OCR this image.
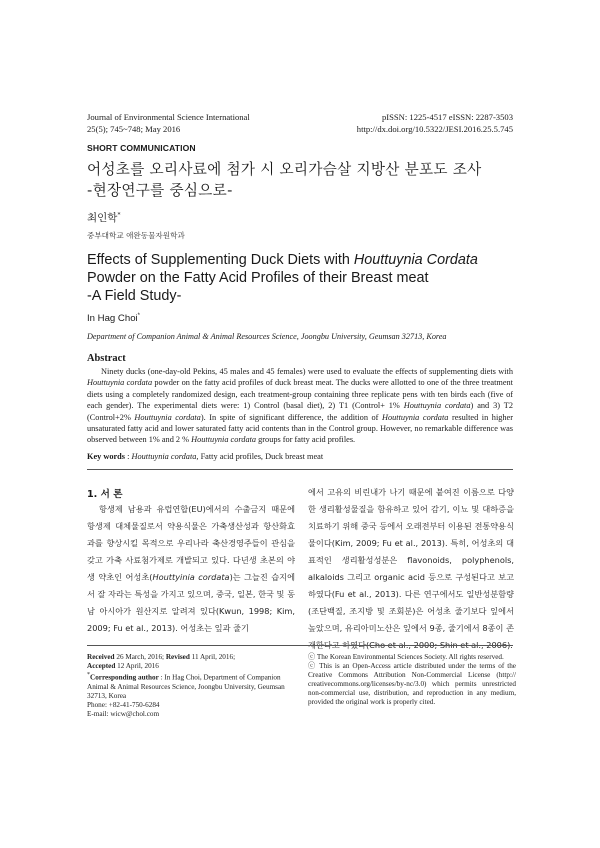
Journal of Environmental Science International
25(5); 745~748; May 2016
pISSN: 1225-4517 eISSN: 2287-3503
http://dx.doi.org/10.5322/JESI.2016.25.5.745
SHORT COMMUNICATION
어성초를 오리사료에 첨가 시 오리가슴살 지방산 분포도 조사
-현장연구를 중심으로-
최인학*
중부대학교 애완동물자원학과
Effects of Supplementing Duck Diets with Houttuynia Cordata
Powder on the Fatty Acid Profiles of their Breast meat
-A Field Study-
In Hag Choi*
Department of Companion Animal & Animal Resources Science, Joongbu University, Geumsan 32713, Korea
Abstract
Ninety ducks (one-day-old Pekins, 45 males and 45 females) were used to evaluate the effects of supplementing diets with Houttuynia cordata powder on the fatty acid profiles of duck breast meat. The ducks were allotted to one of the three treatment diets using a completely randomized design, each treatment-group containing three replicate pens with ten birds each (five of each gender). The experimental diets were: 1) Control (basal diet), 2) T1 (Control+ 1% Houttuynia cordata) and 3) T2 (Control+2% Houttuynia cordata). In spite of significant difference, the addition of Houttuynia cordata resulted in higher unsaturated fatty acid and lower saturated fatty acid contents than in the Control group. However, no remarkable difference was observed between 1% and 2 % Houttuynia cordata groups for fatty acid profiles.
Key words : Houttuynia cordata, Fatty acid profiles, Duck breast meat
1. 서 론
항생제 남용과 유럽연합(EU)에서의 수출금지 때문에 항생제 대체물질로서 약용식물은 가축생산성과 항산화효과를 향상시킬 목적으로 우리나라 축산경영주들이 관심을 갖고 가축 사료첨가제로 개발되고 있다. 다년생 초본의 야생 약초인 어성초(Houttyinia cordata)는 그늘진 습지에서 잘 자라는 특성을 가지고 있으며, 중국, 일본, 한국 및 동남 아시아가 원산지로 알려져 있다(Kwun, 1998; Kim, 2009; Fu et al., 2013). 어성초는 잎과 줄기
에서 고유의 비린내가 나기 때문에 붙여진 이름으로 다양한 생리활성물질을 함유하고 있어 감기, 이뇨 및 대하증을 치료하기 위해 중국 등에서 오래전부터 이용된 전통약용식물이다(Kim, 2009; Fu et al., 2013). 특히, 어성초의 대표적인 생리활성성분은 flavonoids, polyphenols, alkaloids 그리고 organic acid 등으로 구성된다고 보고하였다(Fu et al., 2013). 다른 연구에서도 일반성분함량(조단백질, 조지방 및 조회분)은 어성초 줄기보다 잎에서 높았으며, 유리아미노산은 잎에서 9종, 줄기에서 8종이 존재한다고 하였다(Cho et al., 2000; Shin et al., 2006).
Received 26 March, 2016; Revised 11 April, 2016;
Accepted 12 April, 2016
*Corresponding author : In Hag Choi, Department of Companion Animal & Animal Resources Science, Joongbu University, Geumsan 32713, Korea
Phone: +82-41-750-6284
E-mail: wicw@chol.com
ⓒ The Korean Environmental Sciences Society. All rights reserved.
ⓒ This is an Open-Access article distributed under the terms of the Creative Commons Attribution Non-Commercial License (http:// creativecommons.org/licenses/by-nc/3.0) which permits unrestricted non-commercial use, distribution, and reproduction in any medium, provided the original work is properly cited.
